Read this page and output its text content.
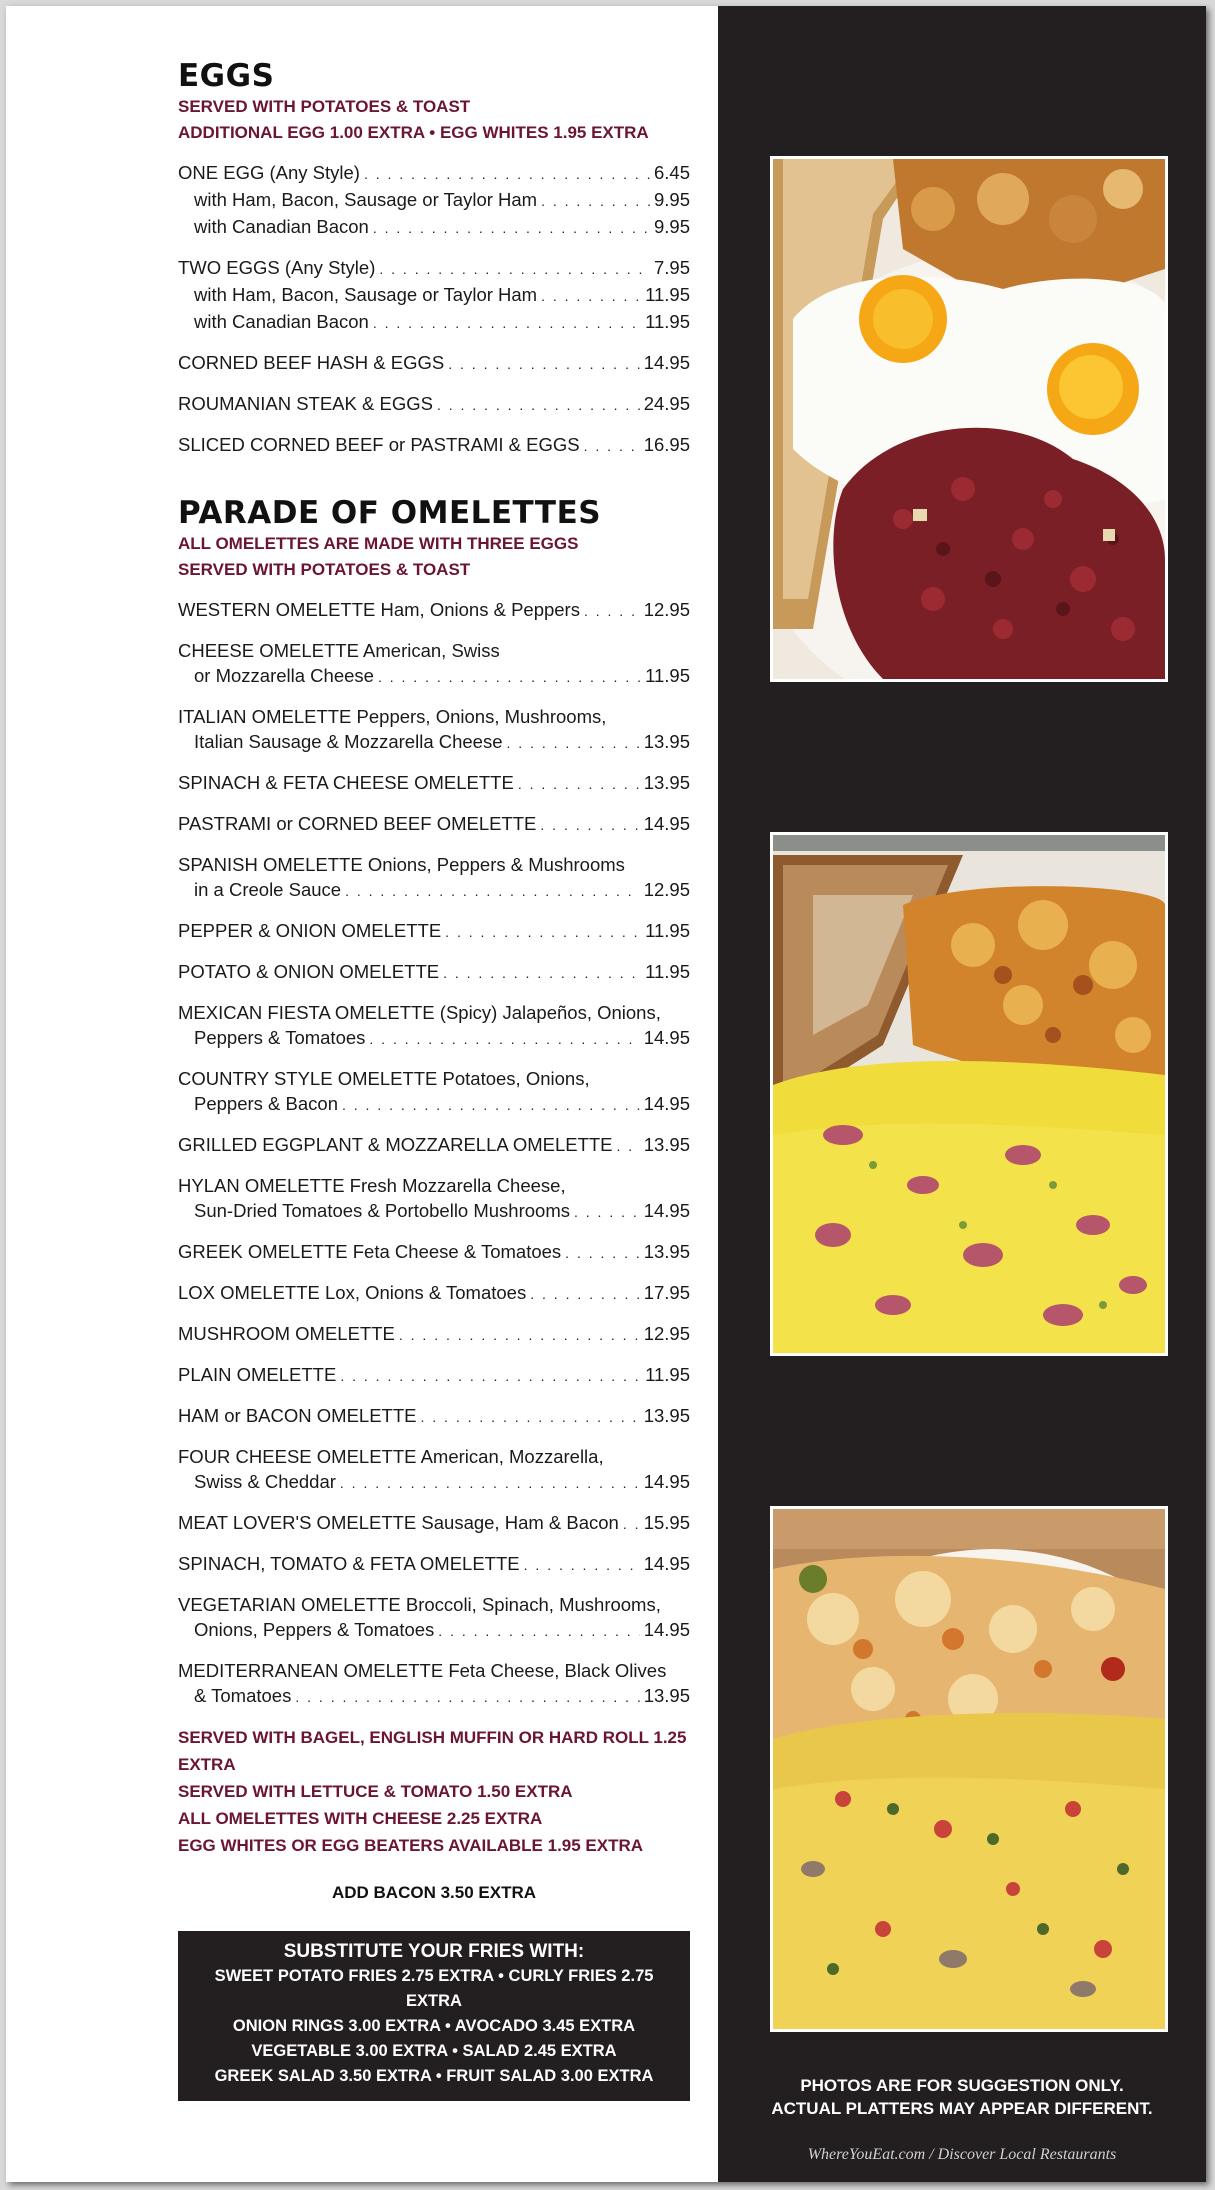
EGGS
SERVED WITH POTATOES & TOAST
ADDITIONAL EGG 1.00 EXTRA • EGG WHITES 1.95 EXTRA
ONE EGG (Any Style) . . .	6.45
with Ham, Bacon, Sausage or Taylor Ham . . .	9.95
with Canadian Bacon . . .	9.95
TWO EGGS (Any Style) . . .	7.95
with Ham, Bacon, Sausage or Taylor Ham . . .	11.95
with Canadian Bacon . . .	11.95
CORNED BEEF HASH & EGGS . . .	14.95
ROUMANIAN STEAK & EGGS . . .	24.95
SLICED CORNED BEEF or PASTRAMI & EGGS . . .	16.95
PARADE OF OMELETTES
ALL OMELETTES ARE MADE WITH THREE EGGS
SERVED WITH POTATOES & TOAST
WESTERN OMELETTE Ham, Onions & Peppers . . .	12.95
CHEESE OMELETTE American, Swiss
or Mozzarella Cheese . . .	11.95
ITALIAN OMELETTE Peppers, Onions, Mushrooms,
Italian Sausage & Mozzarella Cheese . . .	13.95
SPINACH & FETA CHEESE OMELETTE . . .	13.95
PASTRAMI or CORNED BEEF OMELETTE . . .	14.95
SPANISH OMELETTE Onions, Peppers & Mushrooms
in a Creole Sauce . . .	12.95
PEPPER & ONION OMELETTE . . .	11.95
POTATO & ONION OMELETTE . . .	11.95
MEXICAN FIESTA OMELETTE (Spicy) Jalapeños, Onions,
Peppers & Tomatoes . . .	14.95
COUNTRY STYLE OMELETTE Potatoes, Onions,
Peppers & Bacon . . .	14.95
GRILLED EGGPLANT & MOZZARELLA OMELETTE . . . 13.95
HYLAN OMELETTE Fresh Mozzarella Cheese,
Sun-Dried Tomatoes & Portobello Mushrooms . . .	14.95
GREEK OMELETTE Feta Cheese & Tomatoes . . .	13.95
LOX OMELETTE Lox, Onions & Tomatoes . . .	17.95
MUSHROOM OMELETTE . . .	12.95
PLAIN OMELETTE . . .	11.95
HAM or BACON OMELETTE . . .	13.95
FOUR CHEESE OMELETTE American, Mozzarella,
Swiss & Cheddar . . .	14.95
MEAT LOVER'S OMELETTE Sausage, Ham & Bacon . . . 15.95
SPINACH, TOMATO & FETA OMELETTE . . .	14.95
VEGETARIAN OMELETTE Broccoli, Spinach, Mushrooms,
Onions, Peppers & Tomatoes . . .	14.95
MEDITERRANEAN OMELETTE Feta Cheese, Black Olives
& Tomatoes . . .	13.95
SERVED WITH BAGEL, ENGLISH MUFFIN OR HARD ROLL 1.25 EXTRA
SERVED WITH LETTUCE & TOMATO 1.50 EXTRA
ALL OMELETTES WITH CHEESE 2.25 EXTRA
EGG WHITES OR EGG BEATERS AVAILABLE 1.95 EXTRA
ADD BACON 3.50 EXTRA
SUBSTITUTE YOUR FRIES WITH:
SWEET POTATO FRIES 2.75 EXTRA • CURLY FRIES 2.75 EXTRA
ONION RINGS 3.00 EXTRA • AVOCADO 3.45 EXTRA
VEGETABLE 3.00 EXTRA • SALAD 2.45 EXTRA
GREEK SALAD 3.50 EXTRA • FRUIT SALAD 3.00 EXTRA	PHOTOS ARE FOR SUGGESTION ONLY.
ACTUAL PLATTERS MAY APPEAR DIFFERENT.
WhereYouEat.com / Discover Local Restaurants
